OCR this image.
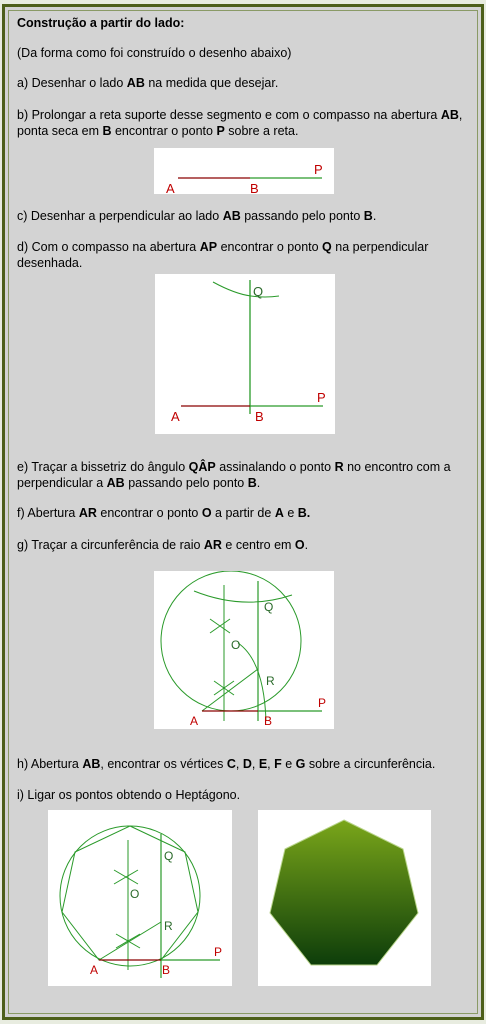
Construção a partir do lado:
(Da forma como foi construído o desenho abaixo)
a) Desenhar o lado AB na medida que desejar.
b) Prolongar a reta suporte desse segmento e com o compasso na abertura AB, ponta seca em B encontrar o ponto P sobre a reta.
A	B
P
c) Desenhar a perpendicular ao lado AB passando pelo ponto B.
d) Com o compasso na abertura AP encontrar o ponto Q na perpendicular desenhada.
Q
A	B
P
e) Traçar a bissetriz do ângulo QÂP assinalando o ponto R no encontro com a perpendicular a AB passando pelo ponto B.
f) Abertura AR encontrar o ponto O a partir de A e B.
g) Traçar a circunferência de raio AR e centro em O.
Q
O
R
A	B
P
h) Abertura AB, encontrar os vértices C, D, E, F e G sobre a circunferência.
i) Ligar os pontos obtendo o Heptágono.
Q
O
R
A	B
P
